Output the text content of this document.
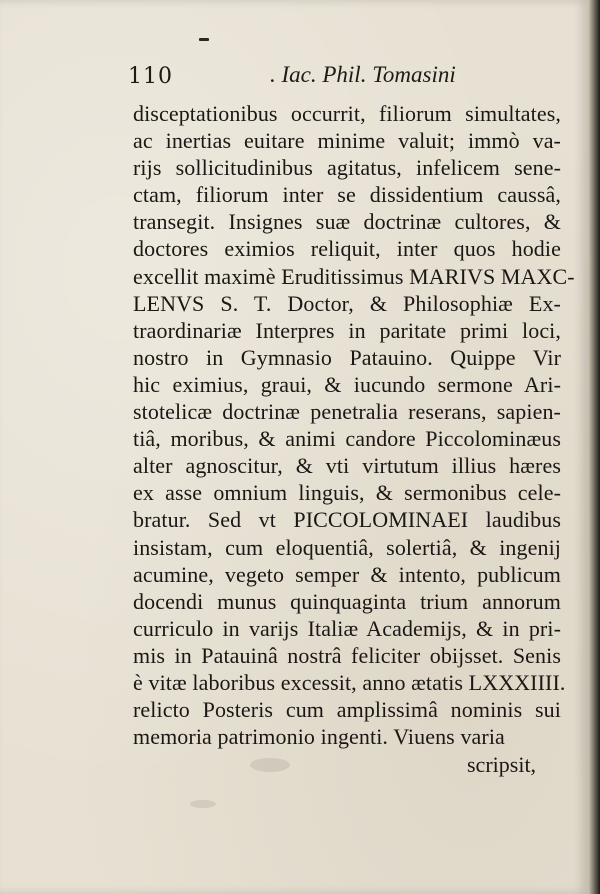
110	. Iac. Phil. Tomasini
disceptationibus occurrit, filiorum simultates,
ac inertias euitare minime valuit; immò va-
rijs sollicitudinibus agitatus, infelicem sene-
ctam, filiorum inter se dissidentium caussâ,
transegit. Insignes suæ doctrinæ cultores, &
doctores eximios reliquit, inter quos hodie
excellit maximè Eruditissimus MARIVS MAXC-
LENVS S. T. Doctor, & Philosophiæ Ex-
traordinariæ Interpres in paritate primi loci,
nostro in Gymnasio Patauino. Quippe Vir
hic eximius, graui, & iucundo sermone Ari-
stotelicæ doctrinæ penetralia reserans, sapien-
tiâ, moribus, & animi candore Piccolominæus
alter agnoscitur, & vti virtutum illius hæres
ex asse omnium linguis, & sermonibus cele-
bratur. Sed vt PICCOLOMINAEI laudibus
insistam, cum eloquentiâ, solertiâ, & ingenij
acumine, vegeto semper & intento, publicum
docendi munus quinquaginta trium annorum
curriculo in varijs Italiæ Academijs, & in pri-
mis in Patauinâ nostrâ feliciter obijsset. Senis
è vitæ laboribus excessit, anno ætatis LXXXIIII.
relicto Posteris cum amplissimâ nominis sui
memoria patrimonio ingenti. Viuens varia
scripsit,
